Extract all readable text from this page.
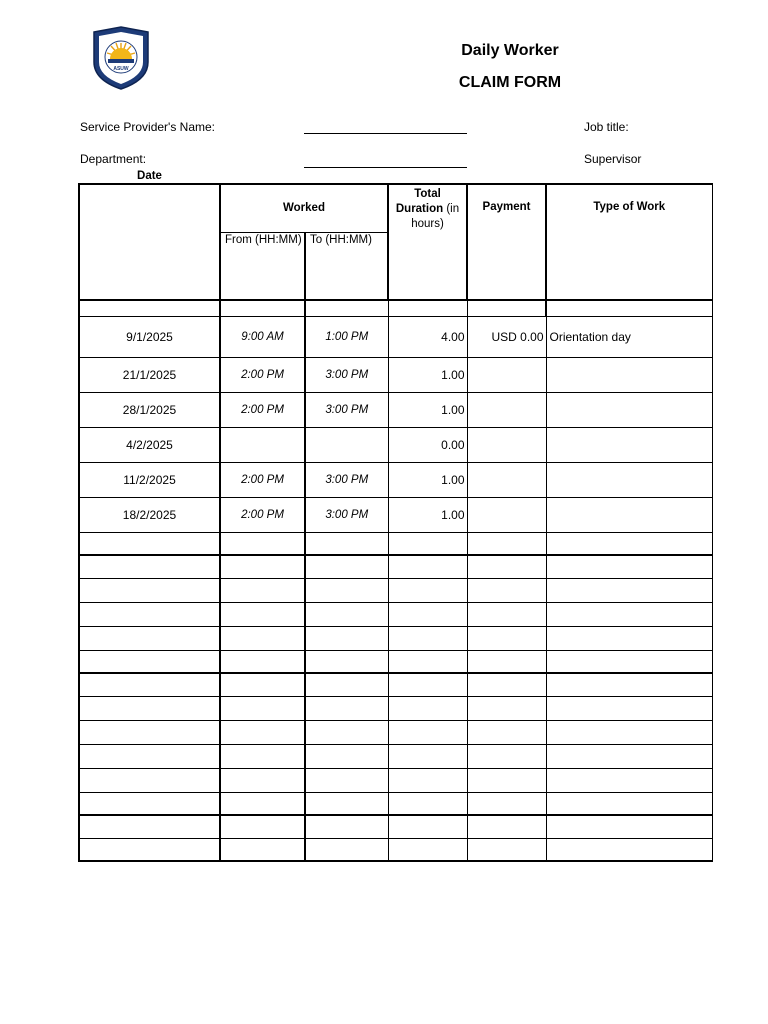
ASUW
Daily Worker
CLAIM FORM
Service Provider's Name:	Job title:
Department:	Supervisor
Date	Worked		Total Duration (in hours)	Payment	Type of Work
	From (HH:MM)	To (HH:MM)			

9/1/2025	9:00 AM	1:00 PM	4.00	USD 0.00	Orientation day
21/1/2025	2:00 PM	3:00 PM	1.00		
28/1/2025	2:00 PM	3:00 PM	1.00		
4/2/2025			0.00		
11/2/2025	2:00 PM	3:00 PM	1.00		
18/2/2025	2:00 PM	3:00 PM	1.00		
